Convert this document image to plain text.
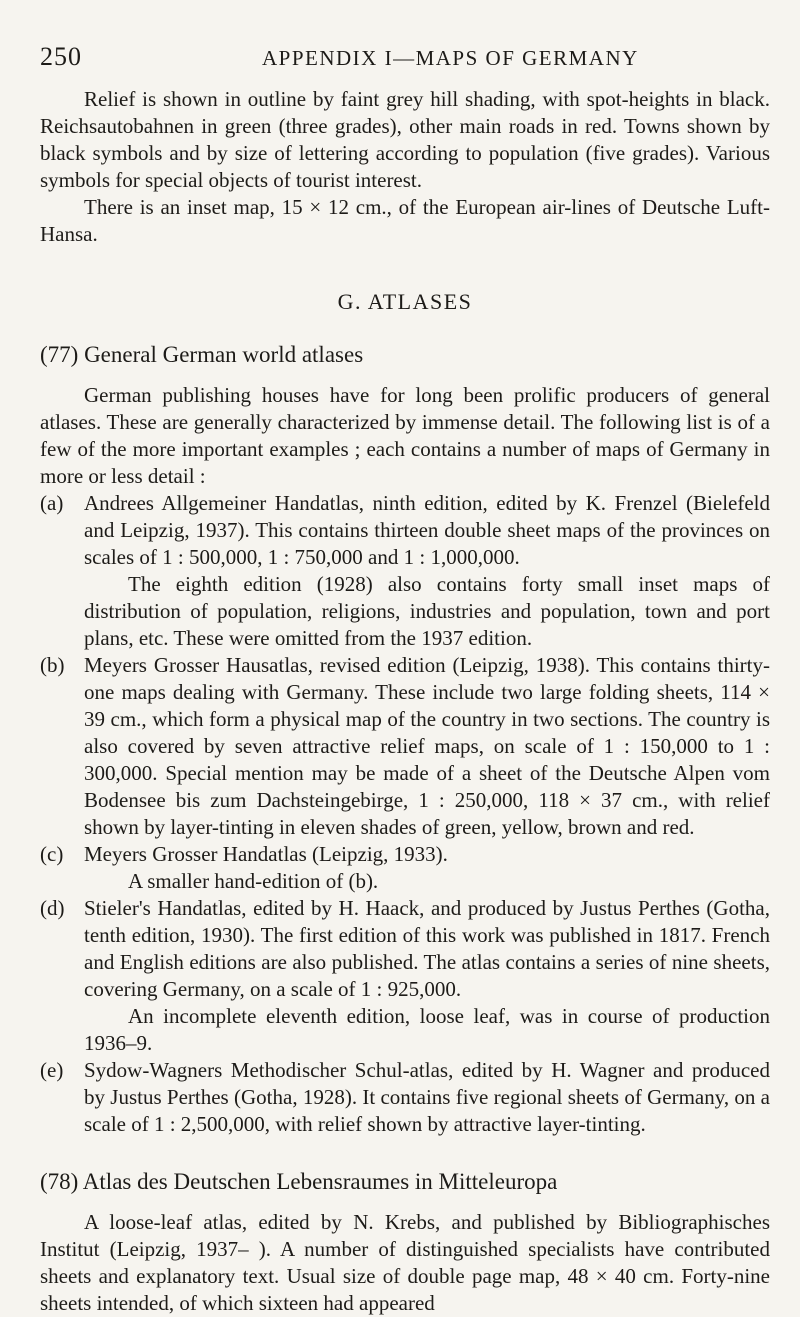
250	APPENDIX I—MAPS OF GERMANY

Relief is shown in outline by faint grey hill shading, with spot-heights in black. Reichsautobahnen in green (three grades), other main roads in red. Towns shown by black symbols and by size of lettering according to population (five grades). Various symbols for special objects of tourist interest.

There is an inset map, 15 × 12 cm., of the European air-lines of Deutsche Luft-Hansa.

G. ATLASES
(77) General German world atlases

German publishing houses have for long been prolific producers of general atlases. These are generally characterized by immense detail. The following list is of a few of the more important examples ; each contains a number of maps of Germany in more or less detail :

(a) Andrees Allgemeiner Handatlas, ninth edition, edited by K. Frenzel (Bielefeld and Leipzig, 1937). This contains thirteen double sheet maps of the provinces on scales of 1 : 500,000, 1 : 750,000 and 1 : 1,000,000.

The eighth edition (1928) also contains forty small inset maps of distribution of population, religions, industries and population, town and port plans, etc. These were omitted from the 1937 edition.

(b) Meyers Grosser Hausatlas, revised edition (Leipzig, 1938). This contains thirty-one maps dealing with Germany. These include two large folding sheets, 114 × 39 cm., which form a physical map of the country in two sections. The country is also covered by seven attractive relief maps, on scale of 1 : 150,000 to 1 : 300,000. Special mention may be made of a sheet of the Deutsche Alpen vom Bodensee bis zum Dachsteingebirge, 1 : 250,000, 118 × 37 cm., with relief shown by layer-tinting in eleven shades of green, yellow, brown and red.

(c) Meyers Grosser Handatlas (Leipzig, 1933).

A smaller hand-edition of (b).

(d) Stieler's Handatlas, edited by H. Haack, and produced by Justus Perthes (Gotha, tenth edition, 1930). The first edition of this work was published in 1817. French and English editions are also published. The atlas contains a series of nine sheets, covering Germany, on a scale of 1 : 925,000.

An incomplete eleventh edition, loose leaf, was in course of production 1936–9.

(e) Sydow-Wagners Methodischer Schul-atlas, edited by H. Wagner and produced by Justus Perthes (Gotha, 1928). It contains five regional sheets of Germany, on a scale of 1 : 2,500,000, with relief shown by attractive layer-tinting.

(78) Atlas des Deutschen Lebensraumes in Mitteleuropa

A loose-leaf atlas, edited by N. Krebs, and published by Bibliographisches Institut (Leipzig, 1937– ). A number of distinguished specialists have contributed sheets and explanatory text. Usual size of double page map, 48 × 40 cm. Forty-nine sheets intended, of which sixteen had appeared
